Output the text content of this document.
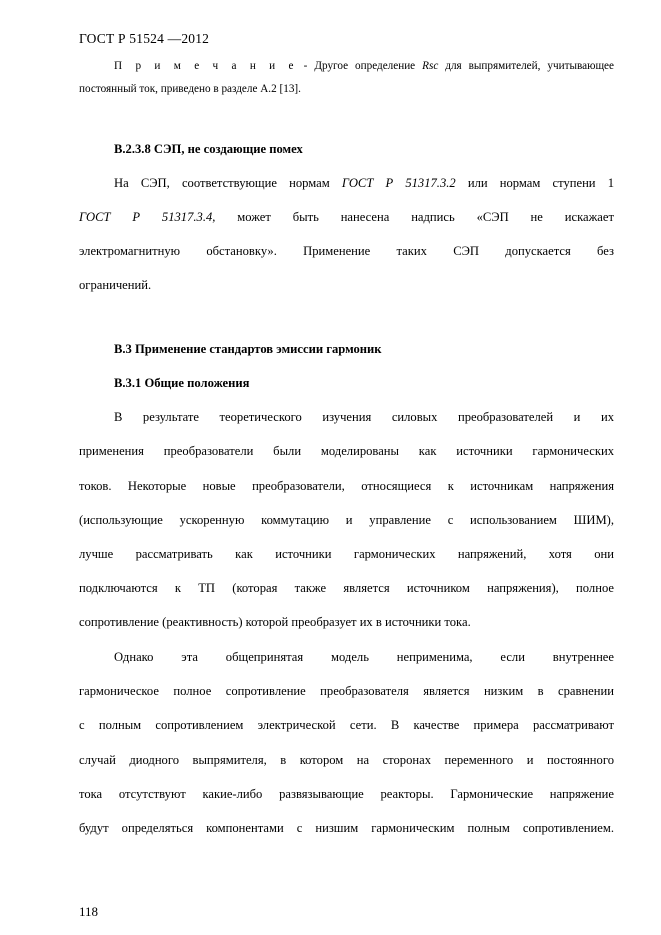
ГОСТ Р 51524 —2012
П р и м е ч а н и е - Другое определение Rsc для выпрямителей, учитывающее
постоянный ток, приведено в разделе А.2 [13].
В.2.3.8 СЭП, не создающие помех
На СЭП, соответствующие нормам ГОСТ Р 51317.3.2 или нормам ступени 1
ГОСТ Р 51317.3.4, может быть нанесена надпись «СЭП не искажает
электромагнитную обстановку». Применение таких СЭП допускается без
ограничений.
В.3 Применение стандартов эмиссии гармоник
В.3.1 Общие положения
В результате теоретического изучения силовых преобразователей и их
применения преобразователи были моделированы как источники гармонических
токов. Некоторые новые преобразователи, относящиеся к источникам напряжения
(использующие ускоренную коммутацию и управление с использованием ШИМ),
лучше рассматривать как источники гармонических напряжений, хотя они
подключаются к ТП (которая также является источником напряжения), полное
сопротивление (реактивность) которой преобразует их в источники тока.
Однако эта общепринятая модель неприменима, если внутреннее
гармоническое полное сопротивление преобразователя является низким в сравнении
с полным сопротивлением электрической сети. В качестве примера рассматривают
случай диодного выпрямителя, в котором на сторонах переменного и постоянного
тока отсутствуют какие-либо развязывающие реакторы. Гармонические напряжение
будут определяться компонентами с низшим гармоническим полным сопротивлением.
118
